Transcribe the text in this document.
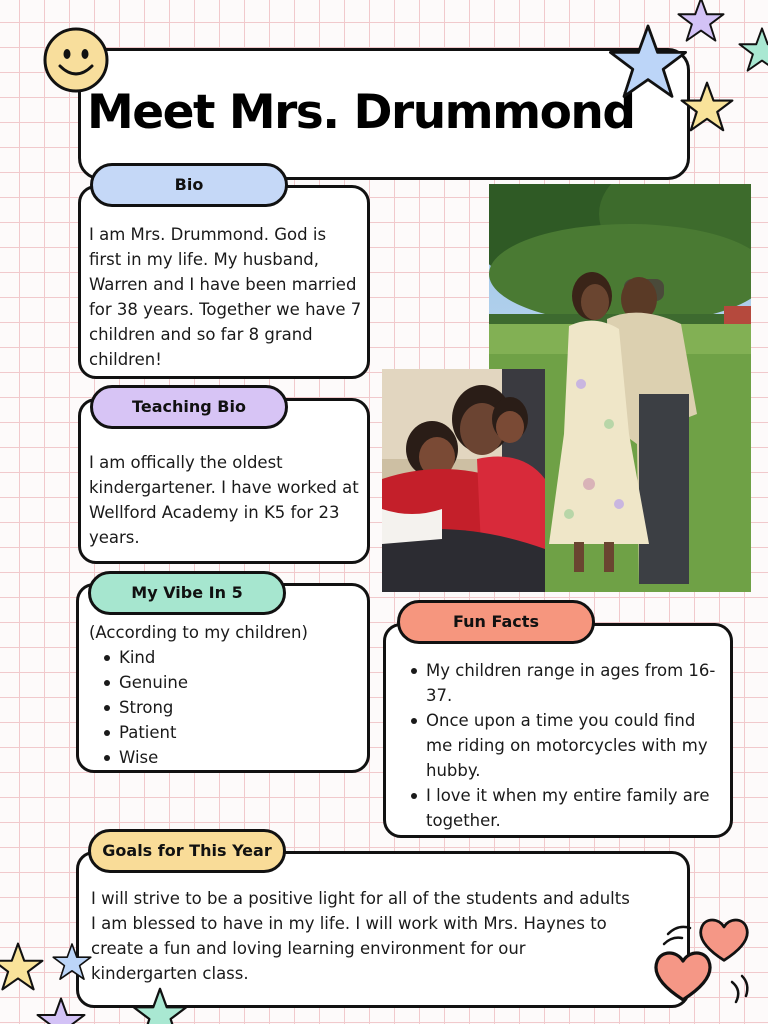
Meet Mrs. Drummond
Bio

I am Mrs. Drummond. God is first in my life. My husband, Warren and I have been married for 38 years. Together we have 7 children and so far 8 grand children!

Teaching Bio

I am offically the oldest kindergartener. I have worked at Wellford Academy in K5 for 23 years.

My Vibe In 5

(According to my children)

Kind
Genuine
Strong
Patient
Wise
Fun Facts
My children range in ages from 16-37.
Once upon a time you could find me riding on motorcycles with my hubby.
I love it when my entire family are together.
Goals for This Year

I will strive to be a positive light for all of the students and adults I am blessed to have in my life. I will work with Mrs. Haynes to create a fun and loving learning environment for our kindergarten class.
